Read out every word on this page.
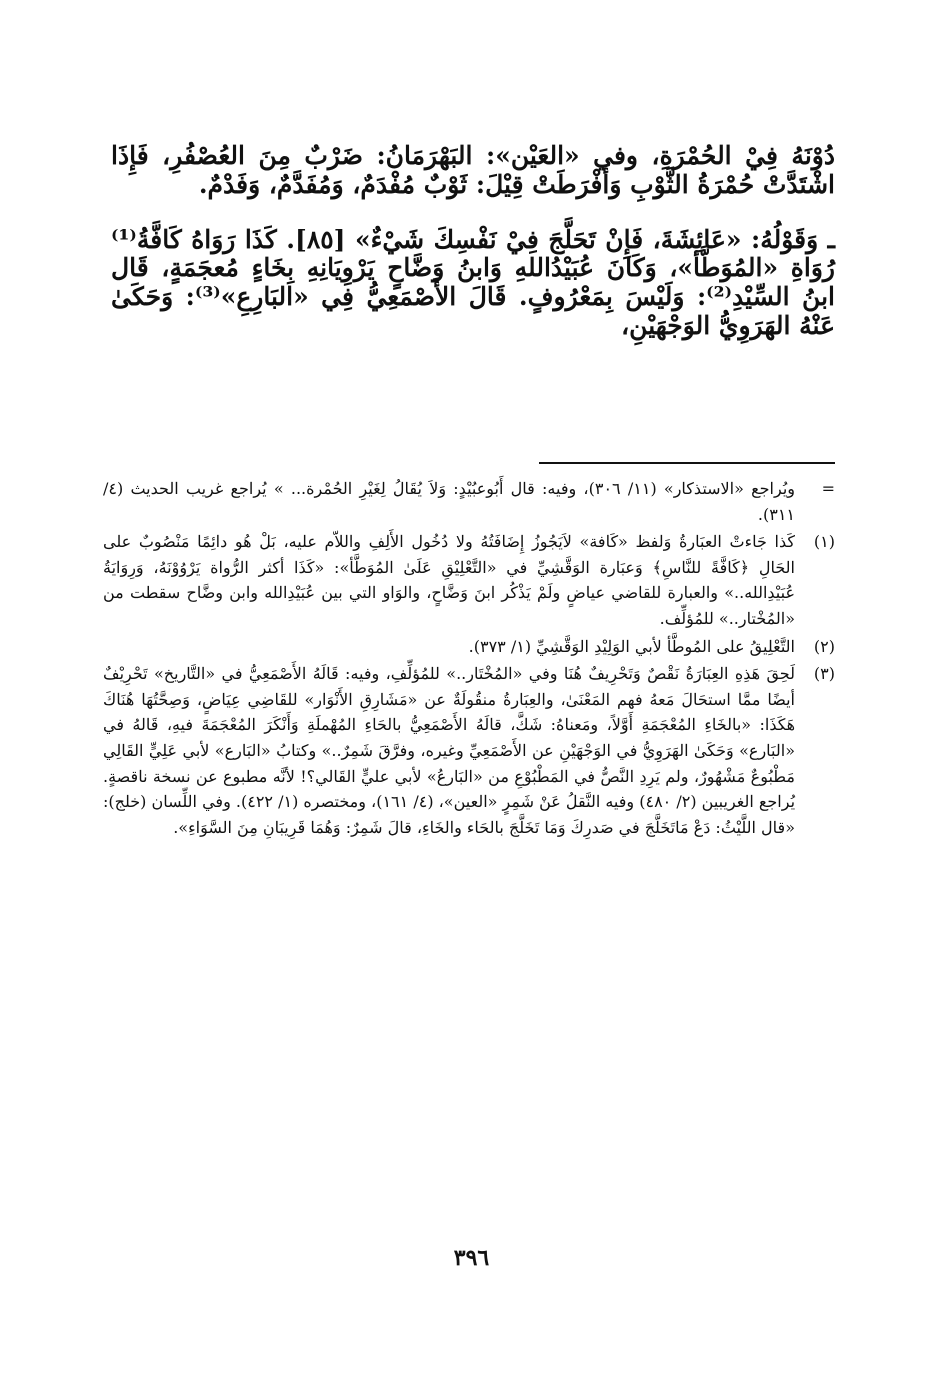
دُوْنَهُ فِيْ الحُمْرَةِ، وفي «العَيْن»: البَهْرَمَانُ: ضَرْبٌ مِنَ العُصْفُرِ، فَإِذَا اشْتَدَّتْ حُمْرَةُ الثَّوْبِ وَأَفْرَطَتْ قِيْلَ: ثَوْبٌ مُفْدَمٌ، وَمُفَدَّمٌ، وَفَدْمٌ.

ـ وَقَوْلُهُ: «عَائِشَةَ، فَإِنْ تَحَلَّجَ فِيْ نَفْسِكَ شَيْءٌ» [٨٥]. كَذَا رَوَاهُ كَافَّةُ⁽¹⁾ رُوَاةِ «المُوَطَّأ»، وَكَانَ عُبَيْدُاللهِ وَابنُ وَضَّاحٍ يَرْوِيَانِهِ بِخَاءٍ مُعجَمَةٍ، قَال ابنُ السِّيْدِ⁽²⁾: وَلَيْسَ بِمَعْرُوفٍ. قَالَ الأَصْمَعِيُّ فِي «البَارِعِ»⁽³⁾: وَحَكَىٰ عَنْهُ الهَرَوِيُّ الوَجْهَيْنِ،

=
ويُراجع «الاستذكار» (١١/ ٣٠٦)، وفيه: قال أَبُوعبُيْدٍ: وَلاَ يُقَالُ لِغَيْرِ الحُمْرة... » يُراجع غريب الحديث (٤/ ٣١١).
(١)
كَذا جَاءتْ العبَارةُ وَلفظ «كَافة» لاَيَجُوزُ إِضَافَتُهُ ولا دُخُول الأَلِفِ واللاّم عليه، بَلْ هُو دائِمًا مَنْصُوبٌ على الحَالِ ﴿كَافَّةً للنَّاسِ﴾ وَعبَارة الوَقَّشِيِّ في «التَّعْلِيْقِ عَلَىٰ المُوَطَّأ»: «كَذَا أكثر الرُّواة يَرْوُوْنَهُ، وَرِوَايَةُ عُبَيْدِالله..» والعبارة للقاضي عياضٍ ولَمْ يَذْكُر ابنَ وَضَّاحٍ، والوَاو التي بين عُبَيْدِالله وابن وضَّاح سقطت من «المُخْتار..» للمُؤلِّف.
(٢)
التَّعْلِيقُ على المُوطَّأ لأبي الوَلِيْدِ الوَقَّشِيِّ (١/ ٣٧٣).
(٣)
لَحِقَ هَذِهِ العِبَارَةُ نَقْصٌ وَتَحْرِيفٌ هُنَا وفي «المُخْتَار..» للمُؤلِّفِ، وفيه: قَالَهُ الأَصْمَعِيُّ في «التَّاريخ» تَحْرِيْفٌ أيضًا ممَّا استحَالَ مَعهُ فهم المَعْنَىٰ، والعِبَارةُ منقُولَةٌ عن «مَشَارِقِ الأَنْوَار» للقَاضِي عِيَاضٍ، وَصِحَّتُهَا هُنَاكَ هَكَذَا: «بالخَاءِ المُعْجَمَةِ أَوَّلاً، ومَعناهُ: شَكَّ، قالَهُ الأَصْمَعِيُّ بالحَاءِ المُهْملَةِ وَأَنْكَرَ المُعْجَمَةَ فيهِ، قَالهُ في «البَارع» وَحَكَىٰ الهَرَوِيُّ في الوَجْهَيْنِ عن الأَصْمَعِيِّ وغيره، وفرَّقَ شَمِرٌ..» وكتابُ «البَارع» لأبي عَلِيٍّ القَالِي مَطْبُوعٌ مَشْهُورٌ، ولم يَرِدِ النَّصُّ في المَطْبُوْعِ من «البَارعُ» لأبي عليٍّ القَالي؟! لأنَّه مطبوع عن نسخة ناقصةٍ. يُراجع الغريبين (٢/ ٤٨٠) وفيه النَّقلُ عَنْ شَمِرٍ «العين»، (٤/ ١٦١)، ومختصره (١/ ٤٢٢). وفي اللِّسان (خلج): «قال اللَّيْثُ: دَعْ مَاتَخَلَّجَ في صَدرِكَ وَمَا تَخَلَّجَ بالحَاء والخَاءِ، قالَ شَمِرٌ: وَهُمَا قَرِيبَانِ مِنَ السَّوَاءِ».
٣٩٦
